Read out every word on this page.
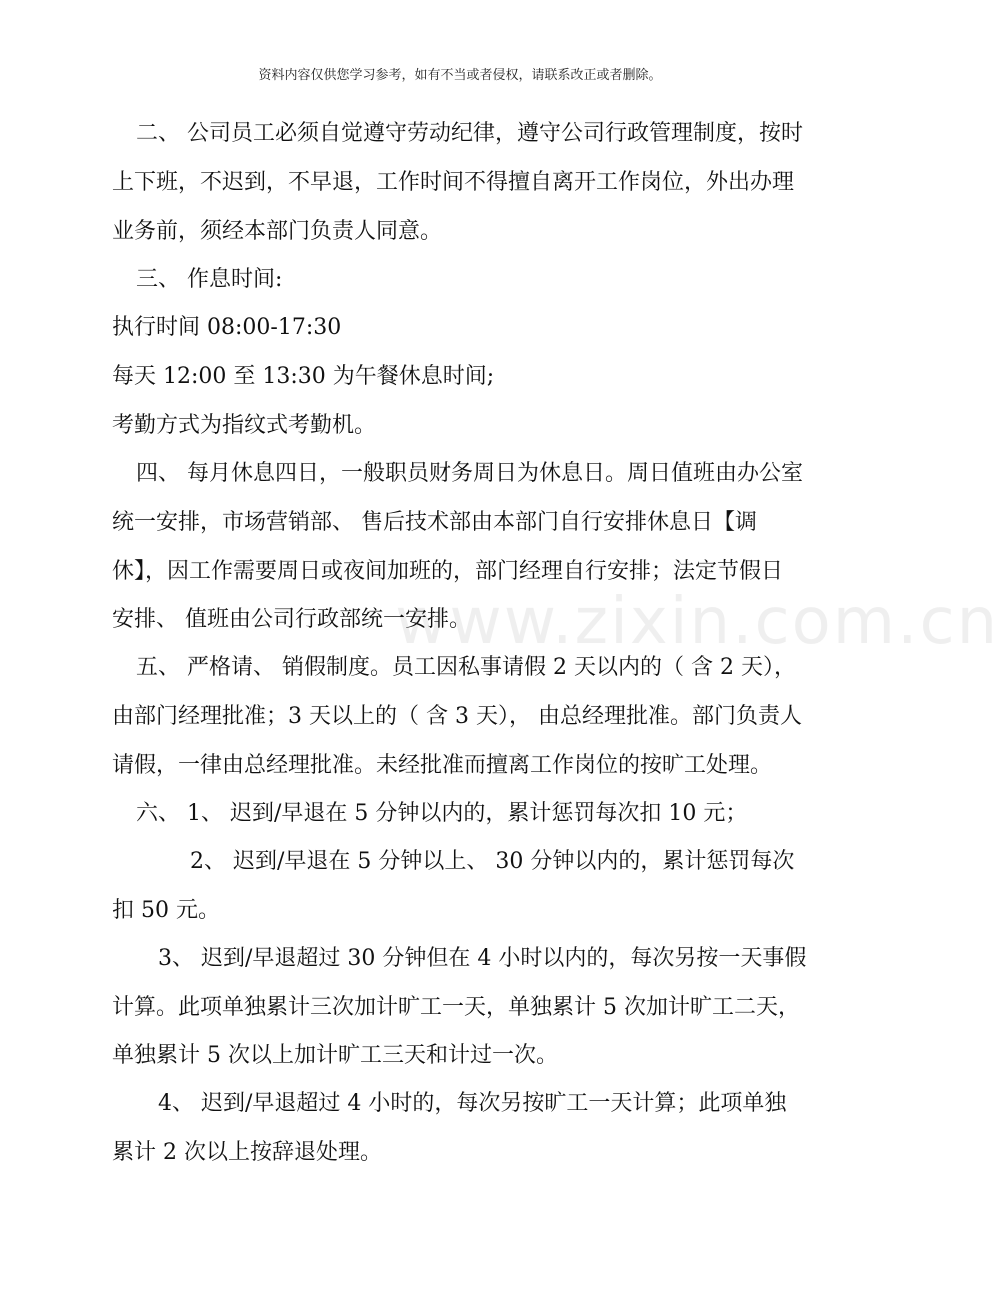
资料内容仅供您学习参考，如有不当或者侵权，请联系改正或者删除。
www.zixin.com.cn
二、 公司员工必须自觉遵守劳动纪律，遵守公司行政管理制度，按时
上下班，不迟到，不早退，工作时间不得擅自离开工作岗位，外出办理
业务前，须经本部门负责人同意。
三、 作息时间:
执行时间 08:00-17:30
每天 12:00 至 13:30 为午餐休息时间;
考勤方式为指纹式考勤机。
四、 每月休息四日，一般职员财务周日为休息日。周日值班由办公室
统一安排，市场营销部、 售后技术部由本部门自行安排休息日【调
休】，因工作需要周日或夜间加班的，部门经理自行安排；法定节假日
安排、 值班由公司行政部统一安排。
五、 严格请、 销假制度。员工因私事请假 2 天以内的（ 含 2 天），
由部门经理批准；3 天以上的（ 含 3 天）， 由总经理批准。部门负责人
请假，一律由总经理批准。未经批准而擅离工作岗位的按旷工处理。
六、 1、 迟到/早退在 5 分钟以内的，累计惩罚每次扣 10 元；
2、 迟到/早退在 5 分钟以上、 30 分钟以内的，累计惩罚每次
扣 50 元。
3、 迟到/早退超过 30 分钟但在 4 小时以内的，每次另按一天事假
计算。此项单独累计三次加计旷工一天，单独累计 5 次加计旷工二天，
单独累计 5 次以上加计旷工三天和计过一次。
4、 迟到/早退超过 4 小时的，每次另按旷工一天计算；此项单独
累计 2 次以上按辞退处理。
